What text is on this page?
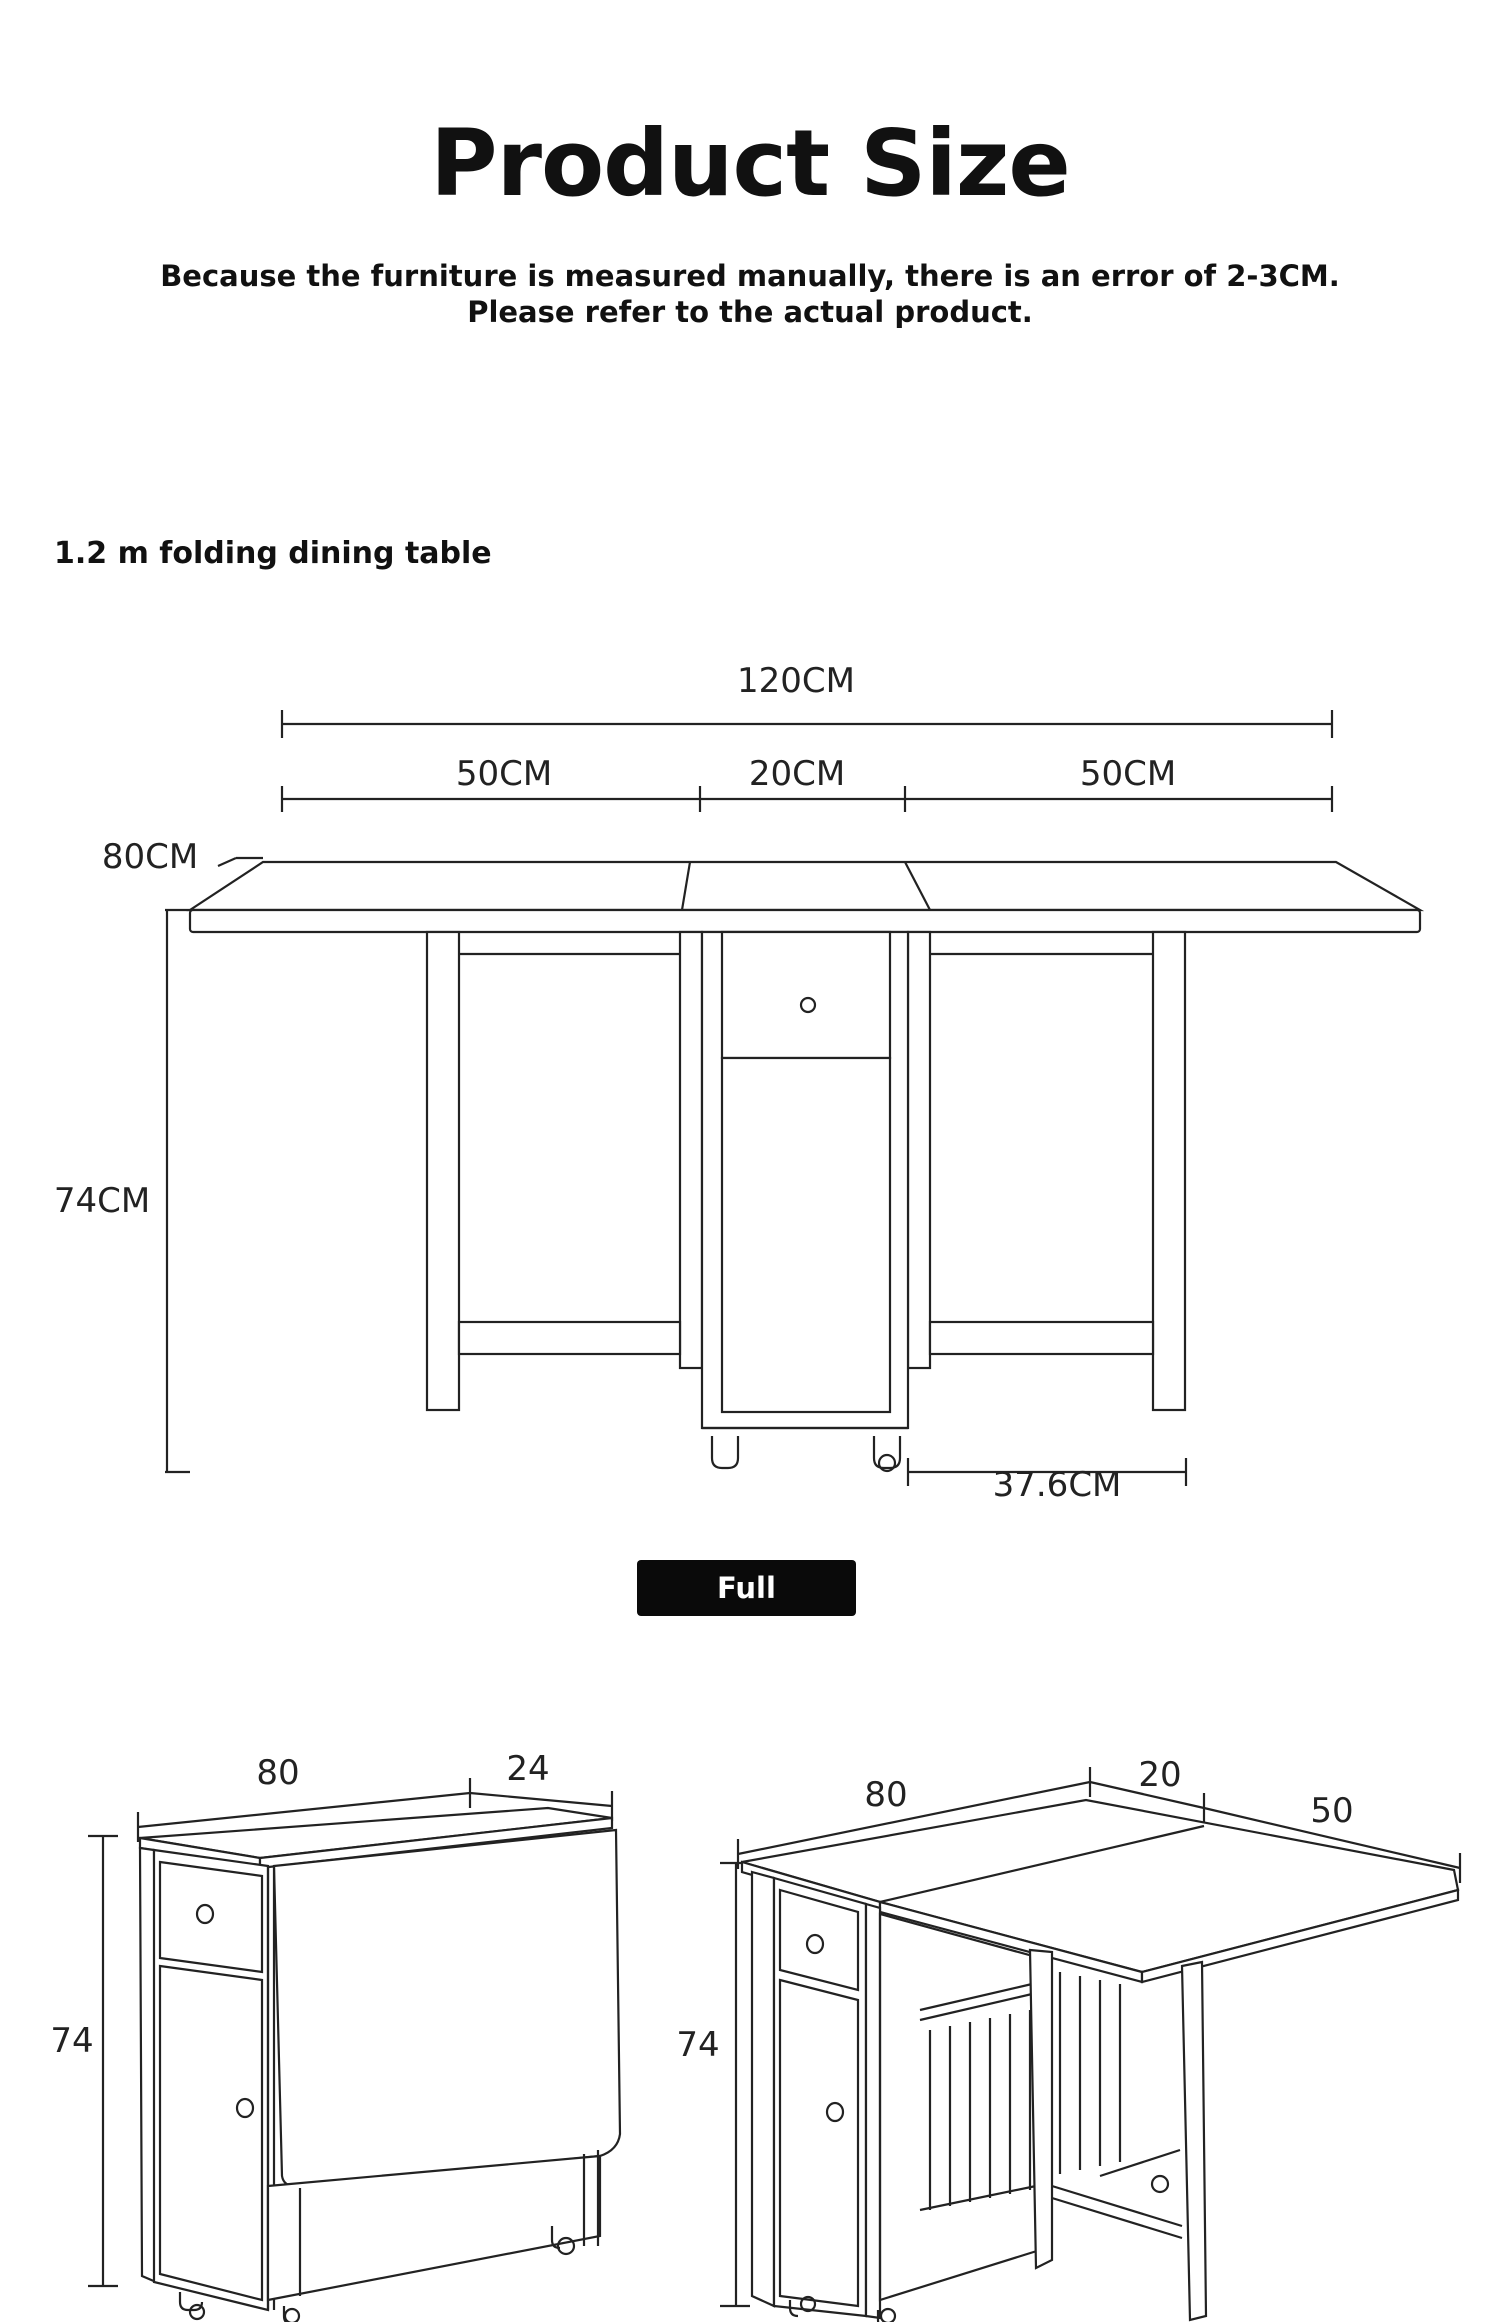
Product Size

Because the furniture is measured manually, there is an error of 2-3CM. Please refer to the actual product.

1.2 m folding dining table
120CM
50CM	20CM	50CM
80CM
74CM
37.6CM
80	24
74
80	20
50
74
Full expansion
